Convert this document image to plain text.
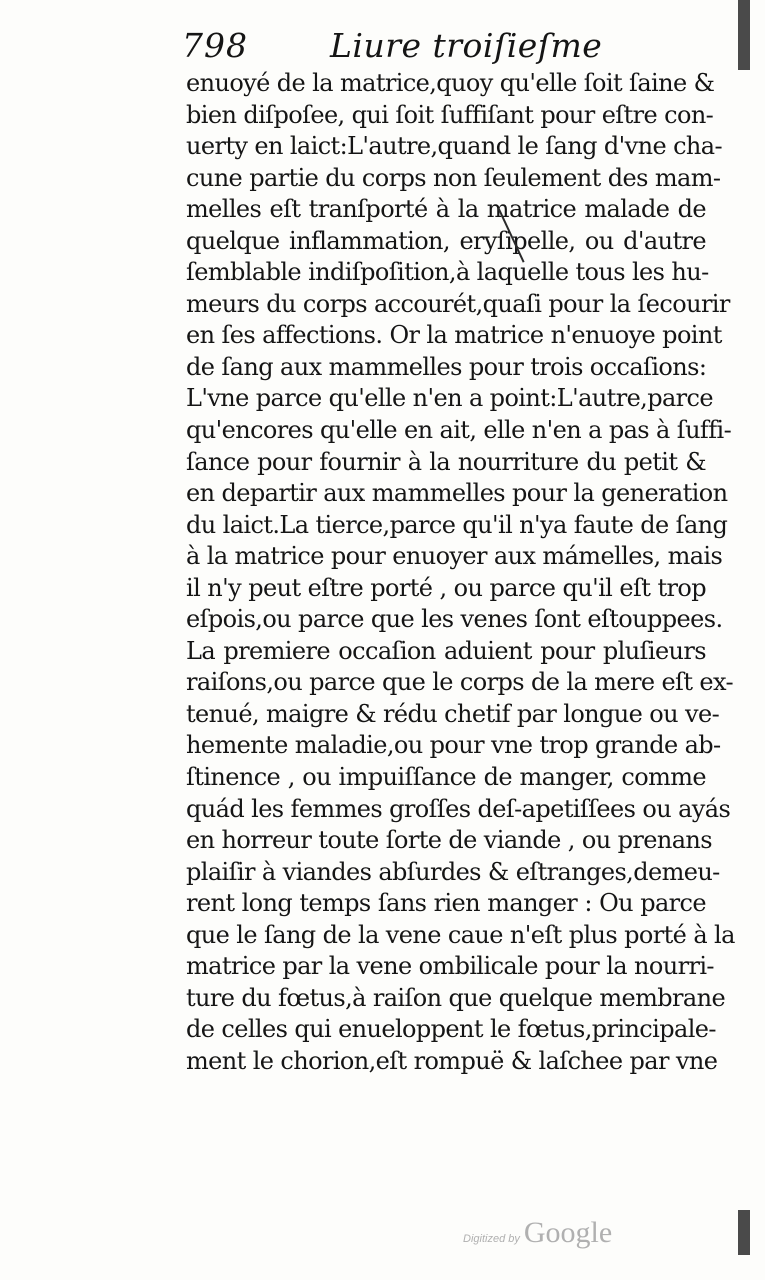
798 Liure troiſieſme
enuoyé de la matrice,quoy qu'elle ſoit ſaine &
bien diſpoſee, qui ſoit ſuffiſant pour eſtre con-
uerty en laict:L'autre,quand le ſang d'vne cha-
cune partie du corps non ſeulement des mam-
melles eſt tranſporté à la matrice malade de
quelque inflammation, eryſipelle, ou d'autre
ſemblable indiſpoſition,à laquelle tous les hu-
meurs du corps accourét,quaſi pour la ſecourir
en ſes affections. Or la matrice n'enuoye point
de ſang aux mammelles pour trois occaſions:
L'vne parce qu'elle n'en a point:L'autre,parce
qu'encores qu'elle en ait, elle n'en a pas à ſuffi-
ſance pour fournir à la nourriture du petit &
en departir aux mammelles pour la generation
du laict.La tierce,parce qu'il n'ya faute de ſang
à la matrice pour enuoyer aux mámelles, mais
il n'y peut eſtre porté , ou parce qu'il eſt trop
eſpois,ou parce que les venes ſont eſtouppees.
La premiere occaſion aduient pour pluſieurs
raiſons,ou parce que le corps de la mere eſt ex-
tenué, maigre & rédu chetif par longue ou ve-
hemente maladie,ou pour vne trop grande ab-
ſtinence , ou impuiſſance de manger, comme
quád les femmes groſſes deſ-apetiſſees ou ayás
en horreur toute ſorte de viande , ou prenans
plaiſir à viandes abſurdes & eſtranges,demeu-
rent long temps ſans rien manger : Ou parce
que le ſang de la vene caue n'eſt plus porté à la
matrice par la vene ombilicale pour la nourri-
ture du fœtus,à raiſon que quelque membrane
de celles qui enueloppent le fœtus,principale-
ment le chorion,eſt rompuë & laſchee par vne
Digitized by Google
